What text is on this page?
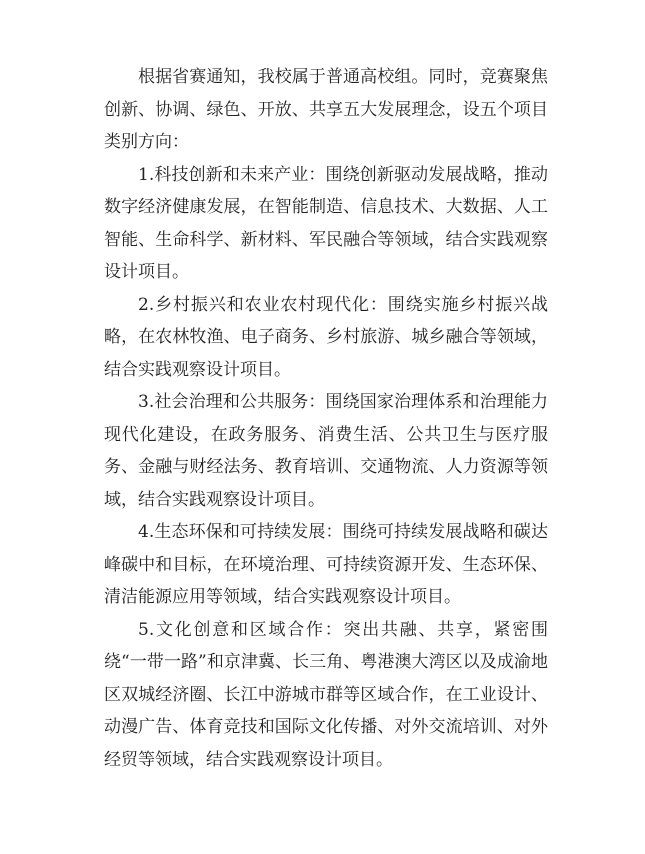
根据省赛通知，我校属于普通高校组。同时，竞赛聚焦创新、协调、绿色、开放、共享五大发展理念，设五个项目类别方向：

1.科技创新和未来产业：围绕创新驱动发展战略，推动数字经济健康发展，在智能制造、信息技术、大数据、人工智能、生命科学、新材料、军民融合等领域，结合实践观察设计项目。

2.乡村振兴和农业农村现代化：围绕实施乡村振兴战略，在农林牧渔、电子商务、乡村旅游、城乡融合等领域，结合实践观察设计项目。

3.社会治理和公共服务：围绕国家治理体系和治理能力现代化建设，在政务服务、消费生活、公共卫生与医疗服务、金融与财经法务、教育培训、交通物流、人力资源等领域，结合实践观察设计项目。

4.生态环保和可持续发展：围绕可持续发展战略和碳达峰碳中和目标，在环境治理、可持续资源开发、生态环保、清洁能源应用等领域，结合实践观察设计项目。

5.文化创意和区域合作：突出共融、共享，紧密围绕“一带一路”和京津冀、长三角、粤港澳大湾区以及成渝地区双城经济圈、长江中游城市群等区域合作，在工业设计、动漫广告、体育竞技和国际文化传播、对外交流培训、对外经贸等领域，结合实践观察设计项目。
